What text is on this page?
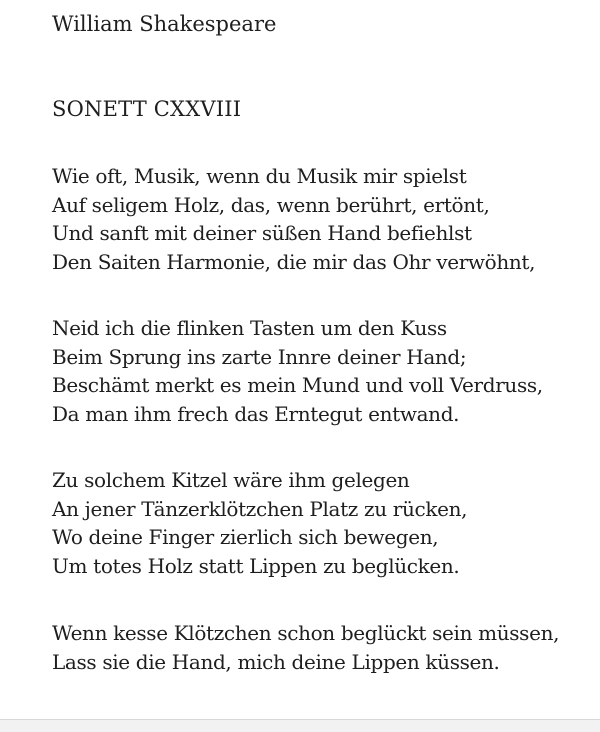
William Shakespeare
SONETT CXXVIII
Wie oft, Musik, wenn du Musik mir spielst
Auf seligem Holz, das, wenn berührt, ertönt,
Und sanft mit deiner süßen Hand befiehlst
Den Saiten Harmonie, die mir das Ohr verwöhnt,
Neid ich die flinken Tasten um den Kuss
Beim Sprung ins zarte Innre deiner Hand;
Beschämt merkt es mein Mund und voll Verdruss,
Da man ihm frech das Erntegut entwand.
Zu solchem Kitzel wäre ihm gelegen
An jener Tänzerklötzchen Platz zu rücken,
Wo deine Finger zierlich sich bewegen,
Um totes Holz statt Lippen zu beglücken.
Wenn kesse Klötzchen schon beglückt sein müssen,
Lass sie die Hand, mich deine Lippen küssen.
